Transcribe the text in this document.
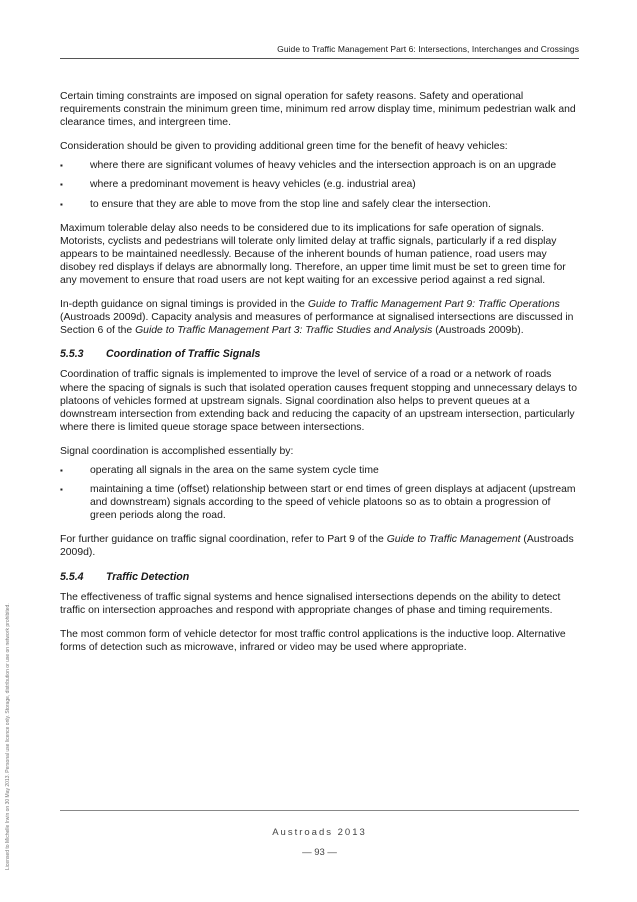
Guide to Traffic Management Part 6: Intersections, Interchanges and Crossings

Certain timing constraints are imposed on signal operation for safety reasons. Safety and operational requirements constrain the minimum green time, minimum red arrow display time, minimum pedestrian walk and clearance times, and intergreen time.

Consideration should be given to providing additional green time for the benefit of heavy vehicles:

▪ where there are significant volumes of heavy vehicles and the intersection approach is on an upgrade
▪ where a predominant movement is heavy vehicles (e.g. industrial area)
▪ to ensure that they are able to move from the stop line and safely clear the intersection.

Maximum tolerable delay also needs to be considered due to its implications for safe operation of signals. Motorists, cyclists and pedestrians will tolerate only limited delay at traffic signals, particularly if a red display appears to be maintained needlessly. Because of the inherent bounds of human patience, road users may disobey red displays if delays are abnormally long. Therefore, an upper time limit must be set to green time for any movement to ensure that road users are not kept waiting for an excessive period against a red signal.

In-depth guidance on signal timings is provided in the Guide to Traffic Management Part 9: Traffic Operations (Austroads 2009d). Capacity analysis and measures of performance at signalised intersections are discussed in Section 6 of the Guide to Traffic Management Part 3: Traffic Studies and Analysis (Austroads 2009b).

5.5.3 Coordination of Traffic Signals

Coordination of traffic signals is implemented to improve the level of service of a road or a network of roads where the spacing of signals is such that isolated operation causes frequent stopping and unnecessary delays to platoons of vehicles formed at upstream signals. Signal coordination also helps to prevent queues at a downstream intersection from extending back and reducing the capacity of an upstream intersection, particularly where there is limited queue storage space between intersections.

Signal coordination is accomplished essentially by:

▪ operating all signals in the area on the same system cycle time
▪ maintaining a time (offset) relationship between start or end times of green displays at adjacent (upstream and downstream) signals according to the speed of vehicle platoons so as to obtain a progression of green periods along the road.

For further guidance on traffic signal coordination, refer to Part 9 of the Guide to Traffic Management (Austroads 2009d).

5.5.4 Traffic Detection

The effectiveness of traffic signal systems and hence signalised intersections depends on the ability to detect traffic on intersection approaches and respond with appropriate changes of phase and timing requirements.

The most common form of vehicle detector for most traffic control applications is the inductive loop. Alternative forms of detection such as microwave, infrared or video may be used where appropriate.

Austroads 2013
— 93 —
Licensed to Michelle Irwin on 30 May 2013. Personal use licence only. Storage, distribution or use on network prohibited.
